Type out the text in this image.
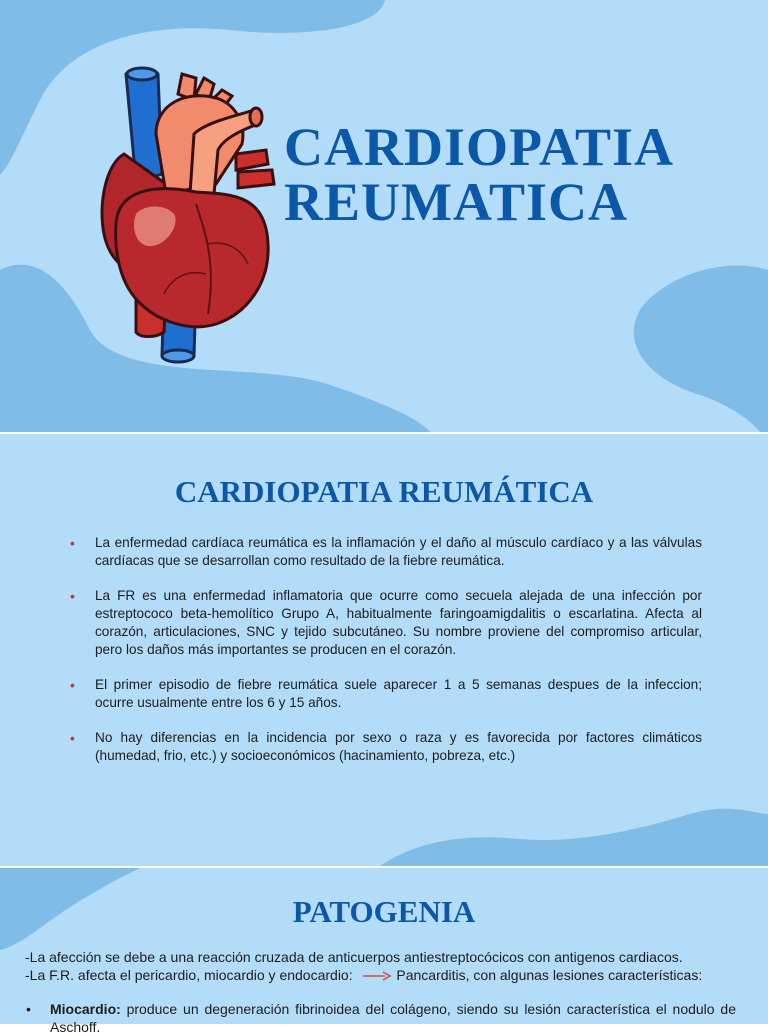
CARDIOPATIA
REUMATICA
CARDIOPATIA REUMÁTICA
• La enfermedad cardíaca reumática es la inflamación y el daño al músculo cardíaco y a las válvulas cardíacas que se desarrollan como resultado de la fiebre reumática.
• La FR es una enfermedad inflamatoria que ocurre como secuela alejada de una infección por estreptococo beta-hemolítico Grupo A, habitualmente faringoamigdalitis o escarlatina. Afecta al corazón, articulaciones, SNC y tejido subcutáneo. Su nombre proviene del compromiso articular, pero los daños más importantes se producen en el corazón.
• El primer episodio de fiebre reumática suele aparecer 1 a 5 semanas despues de la infeccion; ocurre usualmente entre los 6 y 15 años.
• No hay diferencias en la incidencia por sexo o raza y es favorecida por factores climáticos (humedad, frio, etc.) y socioeconómicos (hacinamiento, pobreza, etc.)
PATOGENIA

-La afección se debe a una reacción cruzada de anticuerpos antiestreptocócicos con antigenos cardiacos.

-La F.R. afecta el pericardio, miocardio y endocardio:	Pancarditis, con algunas lesiones características:

• Miocardio: produce un degeneración fibrinoidea del colágeno, siendo su lesión característica el nodulo de Aschoff.
